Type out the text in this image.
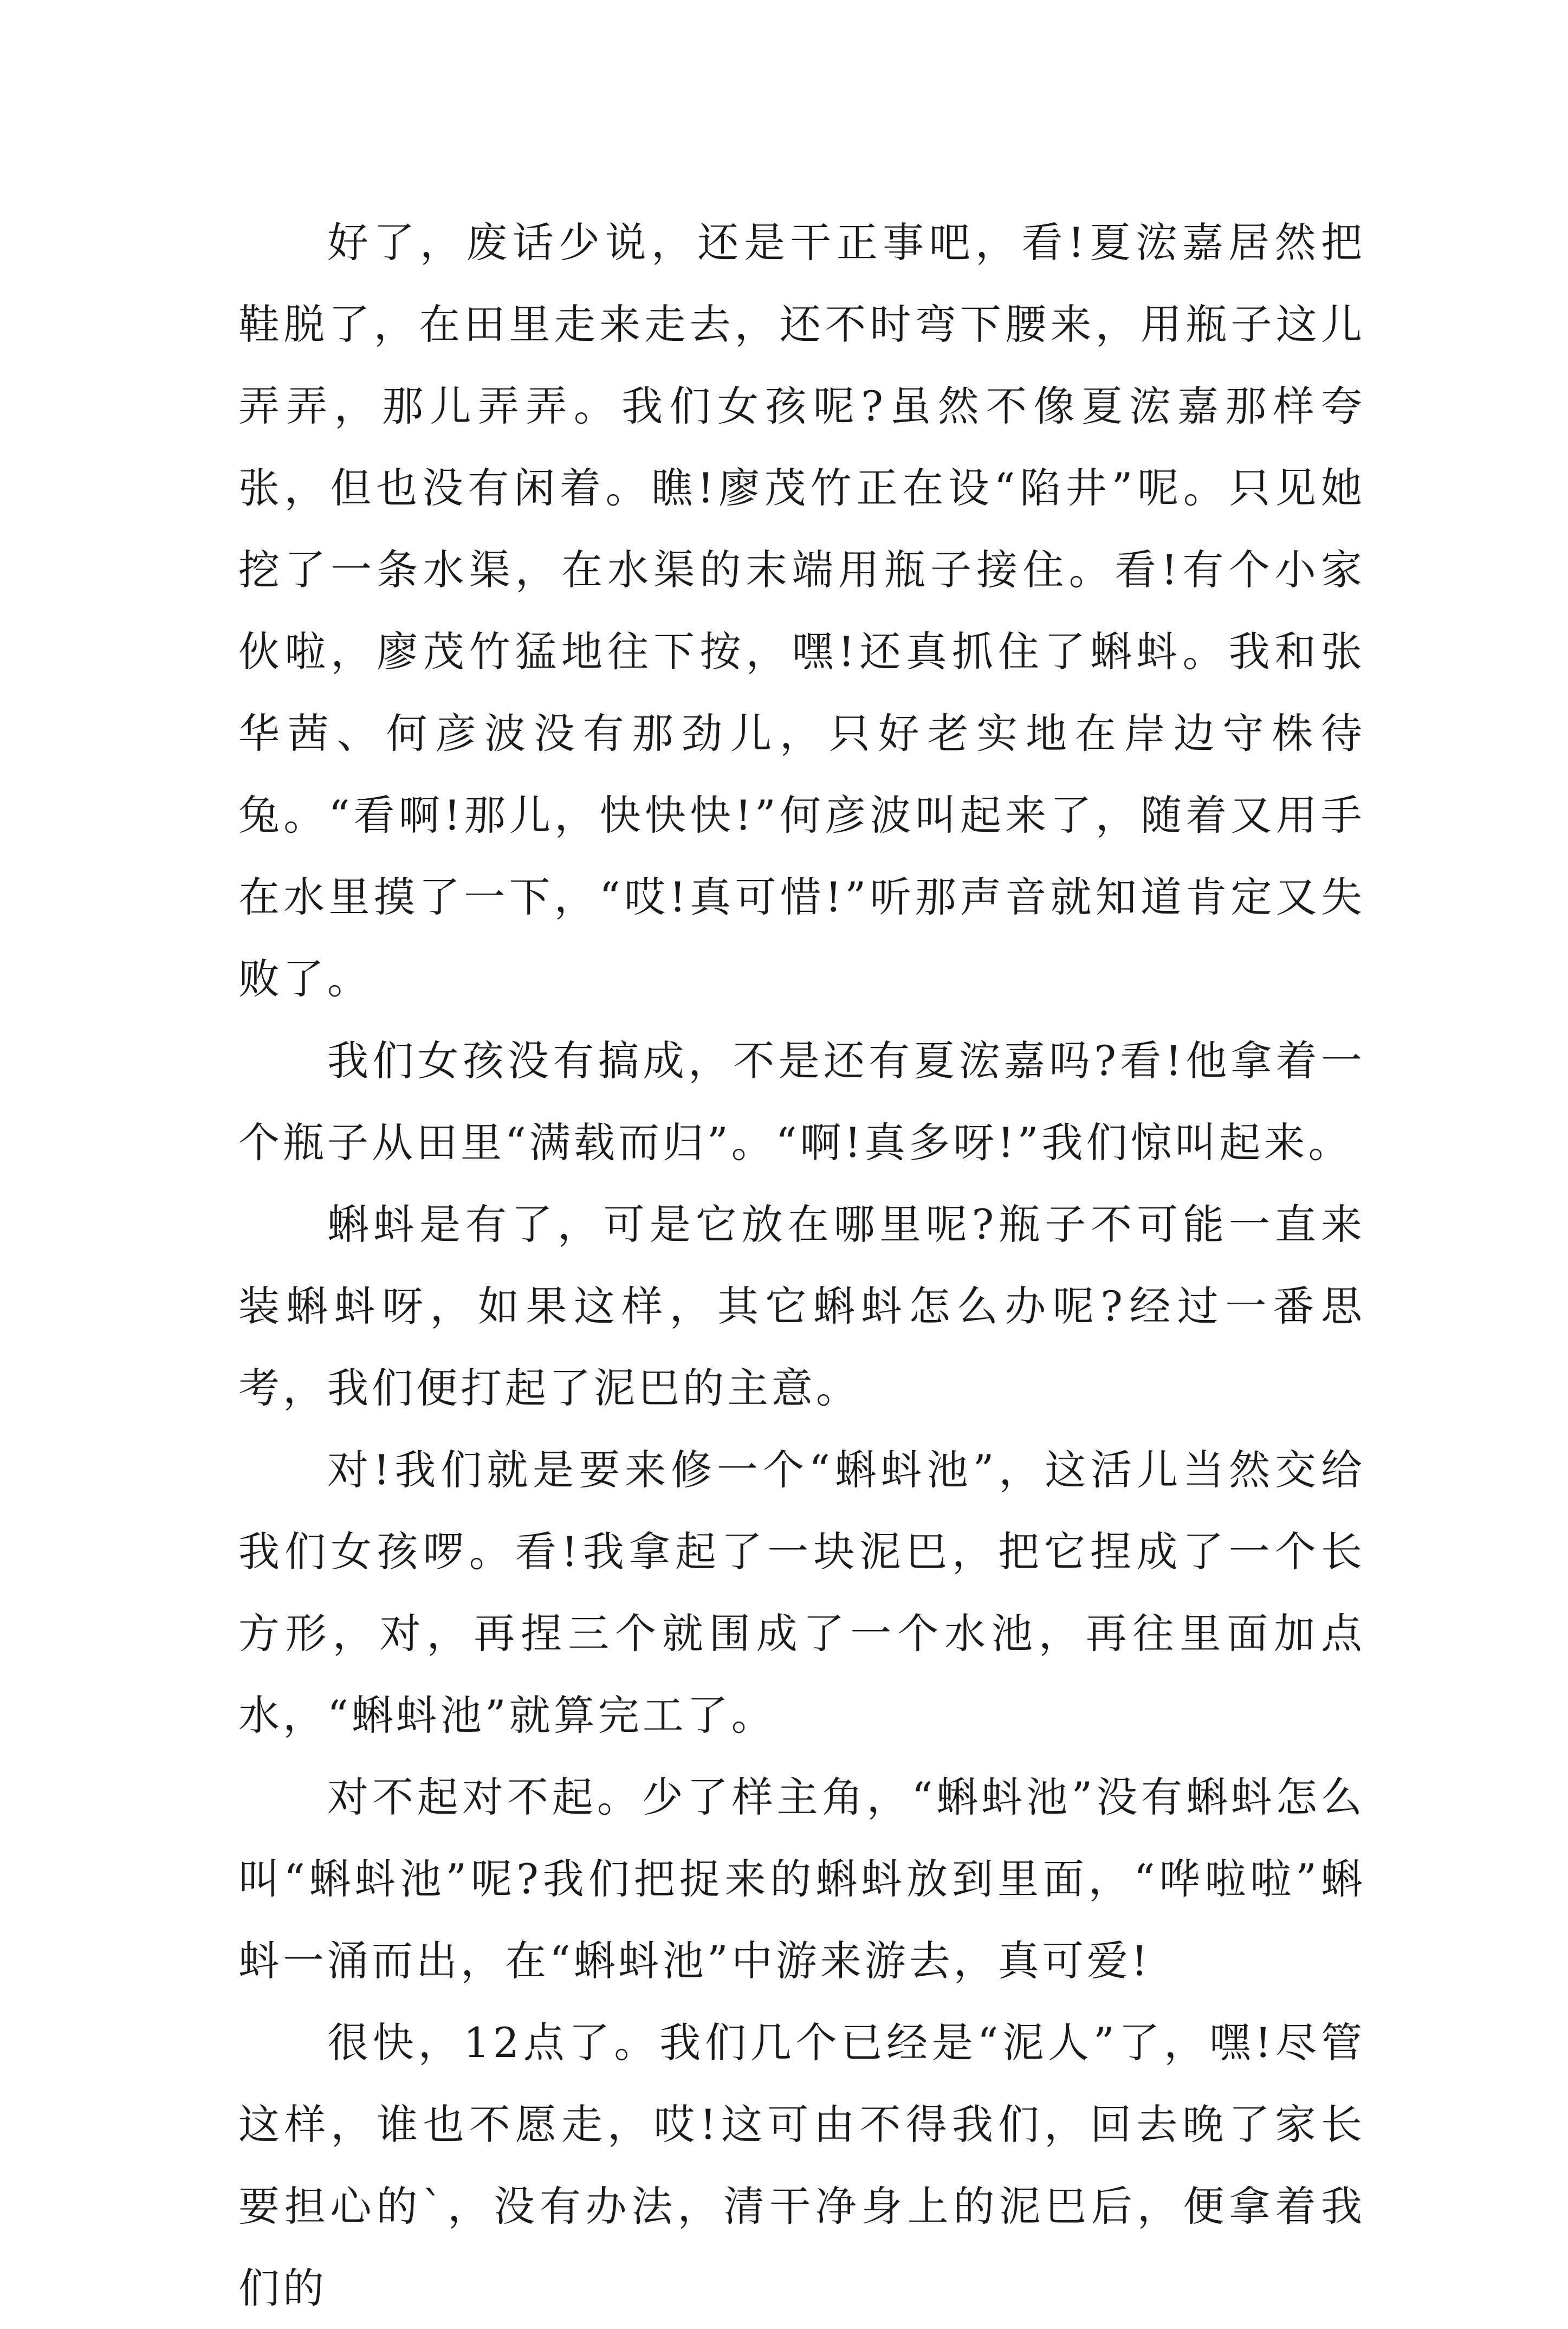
好了，废话少说，还是干正事吧，看!夏浤嘉居然把鞋脱了，在田里走来走去，还不时弯下腰来，用瓶子这儿弄弄，那儿弄弄。我们女孩呢?虽然不像夏浤嘉那样夸张，但也没有闲着。瞧!廖茂竹正在设“陷井”呢。只见她挖了一条水渠，在水渠的末端用瓶子接住。看!有个小家伙啦，廖茂竹猛地往下按，嘿!还真抓住了蝌蚪。我和张华茜、何彦波没有那劲儿，只好老实地在岸边守株待兔。“看啊!那儿，快快快!”何彦波叫起来了，随着又用手在水里摸了一下，“哎!真可惜!”听那声音就知道肯定又失败了。

我们女孩没有搞成，不是还有夏浤嘉吗?看!他拿着一个瓶子从田里“满载而归”。“啊!真多呀!”我们惊叫起来。

蝌蚪是有了，可是它放在哪里呢?瓶子不可能一直来装蝌蚪呀，如果这样，其它蝌蚪怎么办呢?经过一番思考，我们便打起了泥巴的主意。

对!我们就是要来修一个“蝌蚪池”，这活儿当然交给我们女孩啰。看!我拿起了一块泥巴，把它捏成了一个长方形，对，再捏三个就围成了一个水池，再往里面加点水，“蝌蚪池”就算完工了。

对不起对不起。少了样主角，“蝌蚪池”没有蝌蚪怎么叫“蝌蚪池”呢?我们把捉来的蝌蚪放到里面，“哗啦啦”蝌蚪一涌而出，在“蝌蚪池”中游来游去，真可爱!

很快，12点了。我们几个已经是“泥人”了，嘿!尽管这样，谁也不愿走，哎!这可由不得我们，回去晚了家长要担心的`，没有办法，清干净身上的泥巴后，便拿着我们的
